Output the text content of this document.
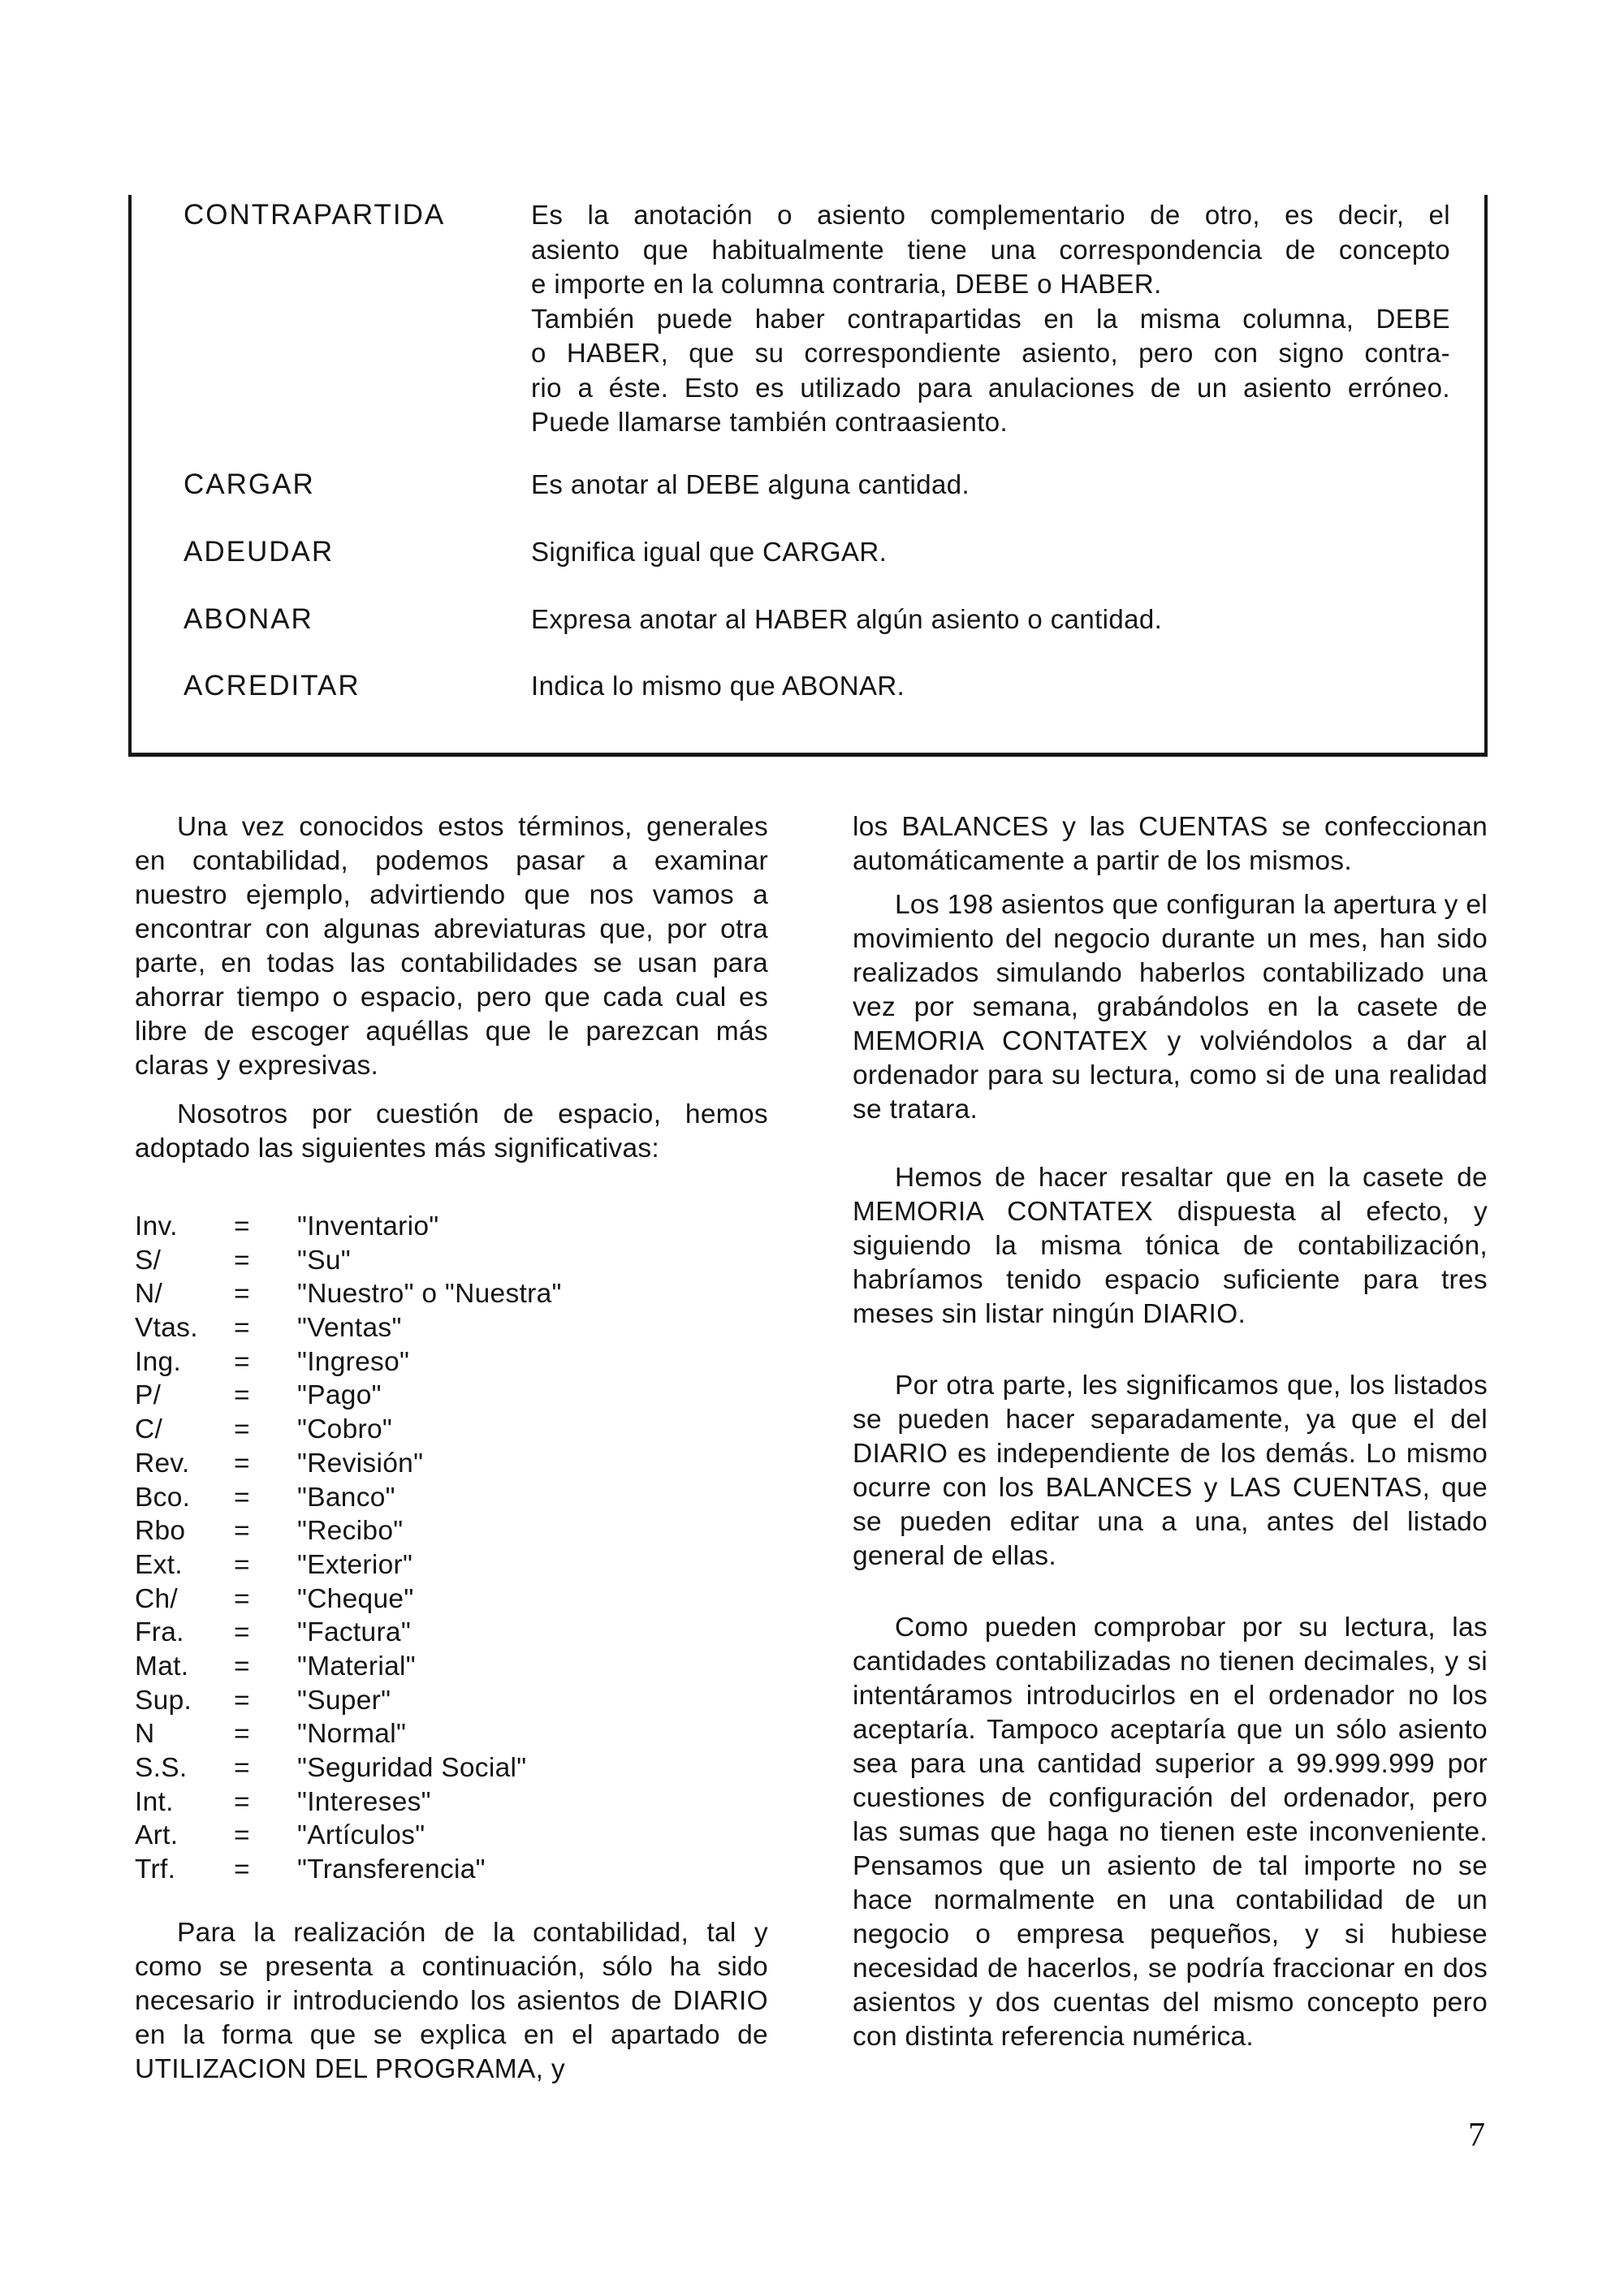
CONTRAPARTIDA	Es la anotación o asiento complementario de otro, es decir, el

asiento que habitualmente tiene una correspondencia de concepto

e importe en la columna contraria, DEBE o HABER.

También puede haber contrapartidas en la misma columna, DEBE

o HABER, que su correspondiente asiento, pero con signo contra-

rio a éste. Esto es utilizado para anulaciones de un asiento erróneo.

Puede llamarse también contraasiento.

CARGAR	Es anotar al DEBE alguna cantidad.

ADEUDAR	Significa igual que CARGAR.

ABONAR	Expresa anotar al HABER algún asiento o cantidad.

ACREDITAR	Indica lo mismo que ABONAR.

Una vez conocidos estos términos, generales en contabilidad, podemos pasar a examinar nuestro ejemplo, advirtiendo que nos vamos a encontrar con algunas abreviaturas que, por otra parte, en todas las contabilidades se usan para ahorrar tiempo o espacio, pero que cada cual es libre de escoger aquéllas que le parezcan más claras y expresivas.

Nosotros por cuestión de espacio, hemos adoptado las siguientes más significativas:

Inv. = "Inventario"
S/	= "Su"
N/	= "Nuestro" o "Nuestra"
Vtas. = "Ventas"
Ing. = "Ingreso"
P/	= "Pago"
C/	= "Cobro"
Rev. = "Revisión"
Bco. = "Banco"
Rbo = "Recibo"
Ext. = "Exterior"
Ch/ = "Cheque"
Fra. = "Factura"
Mat. = "Material"
Sup. = "Super"
N	= "Normal"
S.S. = "Seguridad Social"
Int. = "Intereses"
Art. = "Artículos"
Trf. = "Transferencia"

Para la realización de la contabilidad, tal y como se presenta a continuación, sólo ha sido necesario ir introduciendo los asientos de DIARIO en la forma que se explica en el apartado de UTILIZACION DEL PROGRAMA, y

los BALANCES y las CUENTAS se confeccionan automáticamente a partir de los mismos.

Los 198 asientos que configuran la apertura y el movimiento del negocio durante un mes, han sido realizados simulando haberlos contabilizado una vez por semana, grabándolos en la casete de MEMORIA CONTATEX y volviéndolos a dar al ordenador para su lectura, como si de una realidad se tratara.

Hemos de hacer resaltar que en la casete de MEMORIA CONTATEX dispuesta al efecto, y siguiendo la misma tónica de contabilización, habríamos tenido espacio suficiente para tres meses sin listar ningún DIARIO.

Por otra parte, les significamos que, los listados se pueden hacer separadamente, ya que el del DIARIO es independiente de los demás. Lo mismo ocurre con los BALANCES y LAS CUENTAS, que se pueden editar una a una, antes del listado general de ellas.

Como pueden comprobar por su lectura, las cantidades contabilizadas no tienen decimales, y si intentáramos introducirlos en el ordenador no los aceptaría. Tampoco aceptaría que un sólo asiento sea para una cantidad superior a 99.999.999 por cuestiones de configuración del ordenador, pero las sumas que haga no tienen este inconveniente. Pensamos que un asiento de tal importe no se hace normalmente en una contabilidad de un negocio o empresa pequeños, y si hubiese necesidad de hacerlos, se podría fraccionar en dos asientos y dos cuentas del mismo concepto pero con distinta referencia numérica.

7
